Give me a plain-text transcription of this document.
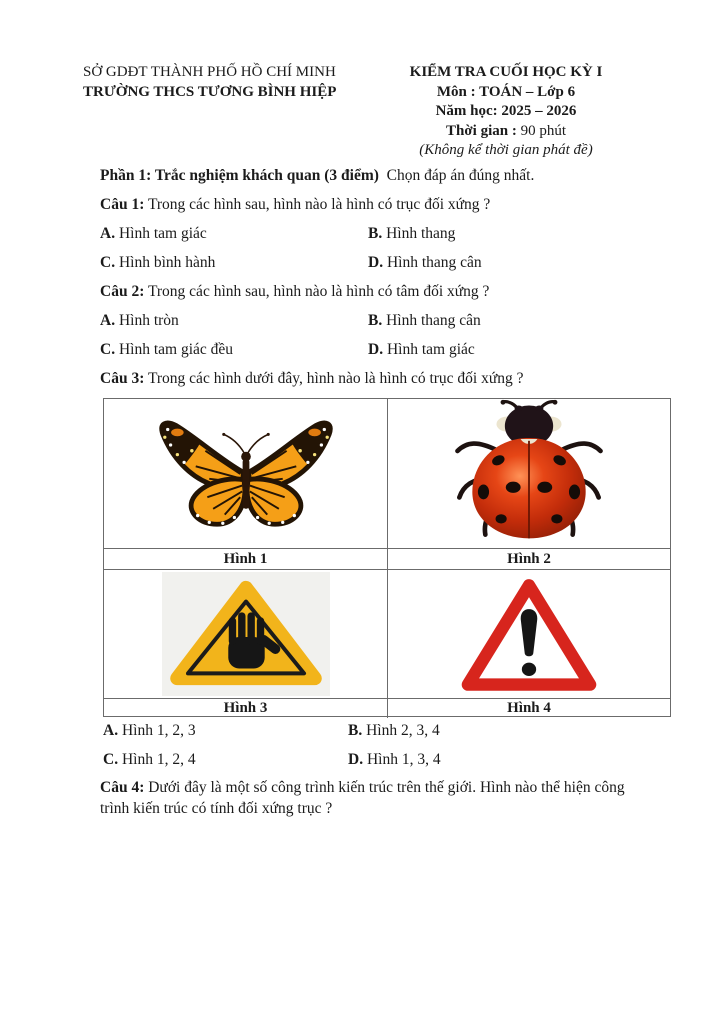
SỞ GDĐT THÀNH PHỐ HỒ CHÍ MINH
TRƯỜNG THCS TƯƠNG BÌNH HIỆP
KIỂM TRA CUỐI HỌC KỲ I
Môn : TOÁN – Lớp 6
Năm học: 2025 – 2026
Thời gian : 90 phút
(Không kể thời gian phát đề)
Phần 1: Trắc nghiệm khách quan (3 điểm) Chọn đáp án đúng nhất.
Câu 1: Trong các hình sau, hình nào là hình có trục đối xứng ?
A. Hình tam giác	B. Hình thang
C. Hình bình hành	D. Hình thang cân
Câu 2: Trong các hình sau, hình nào là hình có tâm đối xứng ?
A. Hình tròn	B. Hình thang cân
C. Hình tam giác đều	D. Hình tam giác
Câu 3: Trong các hình dưới đây, hình nào là hình có trục đối xứng ?
Hình 1	Hình 2
Hình 3	Hình 4
A. Hình 1, 2, 3	B. Hình 2, 3, 4
C. Hình 1, 2, 4	D. Hình 1, 3, 4
Câu 4: Dưới đây là một số công trình kiến trúc trên thế giới. Hình nào thể hiện công trình kiến trúc có tính đối xứng trục ?
